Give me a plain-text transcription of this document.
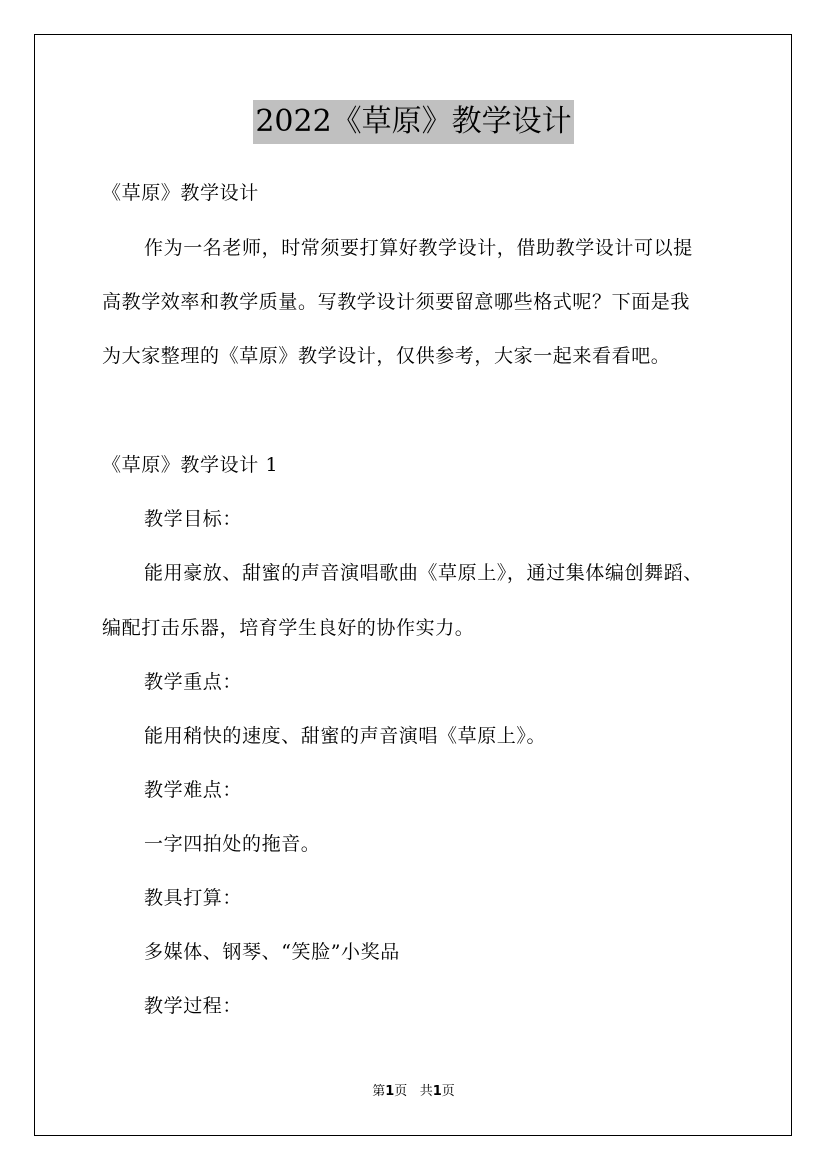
2022《草原》教学设计
《草原》教学设计
作为一名老师，时常须要打算好教学设计，借助教学设计可以提
高教学效率和教学质量。写教学设计须要留意哪些格式呢？下面是我
为大家整理的《草原》教学设计，仅供参考，大家一起来看看吧。
《草原》教学设计 1
教学目标：
能用豪放、甜蜜的声音演唱歌曲《草原上》，通过集体编创舞蹈、
编配打击乐器，培育学生良好的协作实力。
教学重点：
能用稍快的速度、甜蜜的声音演唱《草原上》。
教学难点：
一字四拍处的拖音。
教具打算：
多媒体、钢琴、“笑脸”小奖品
教学过程：
第1页 共1页
